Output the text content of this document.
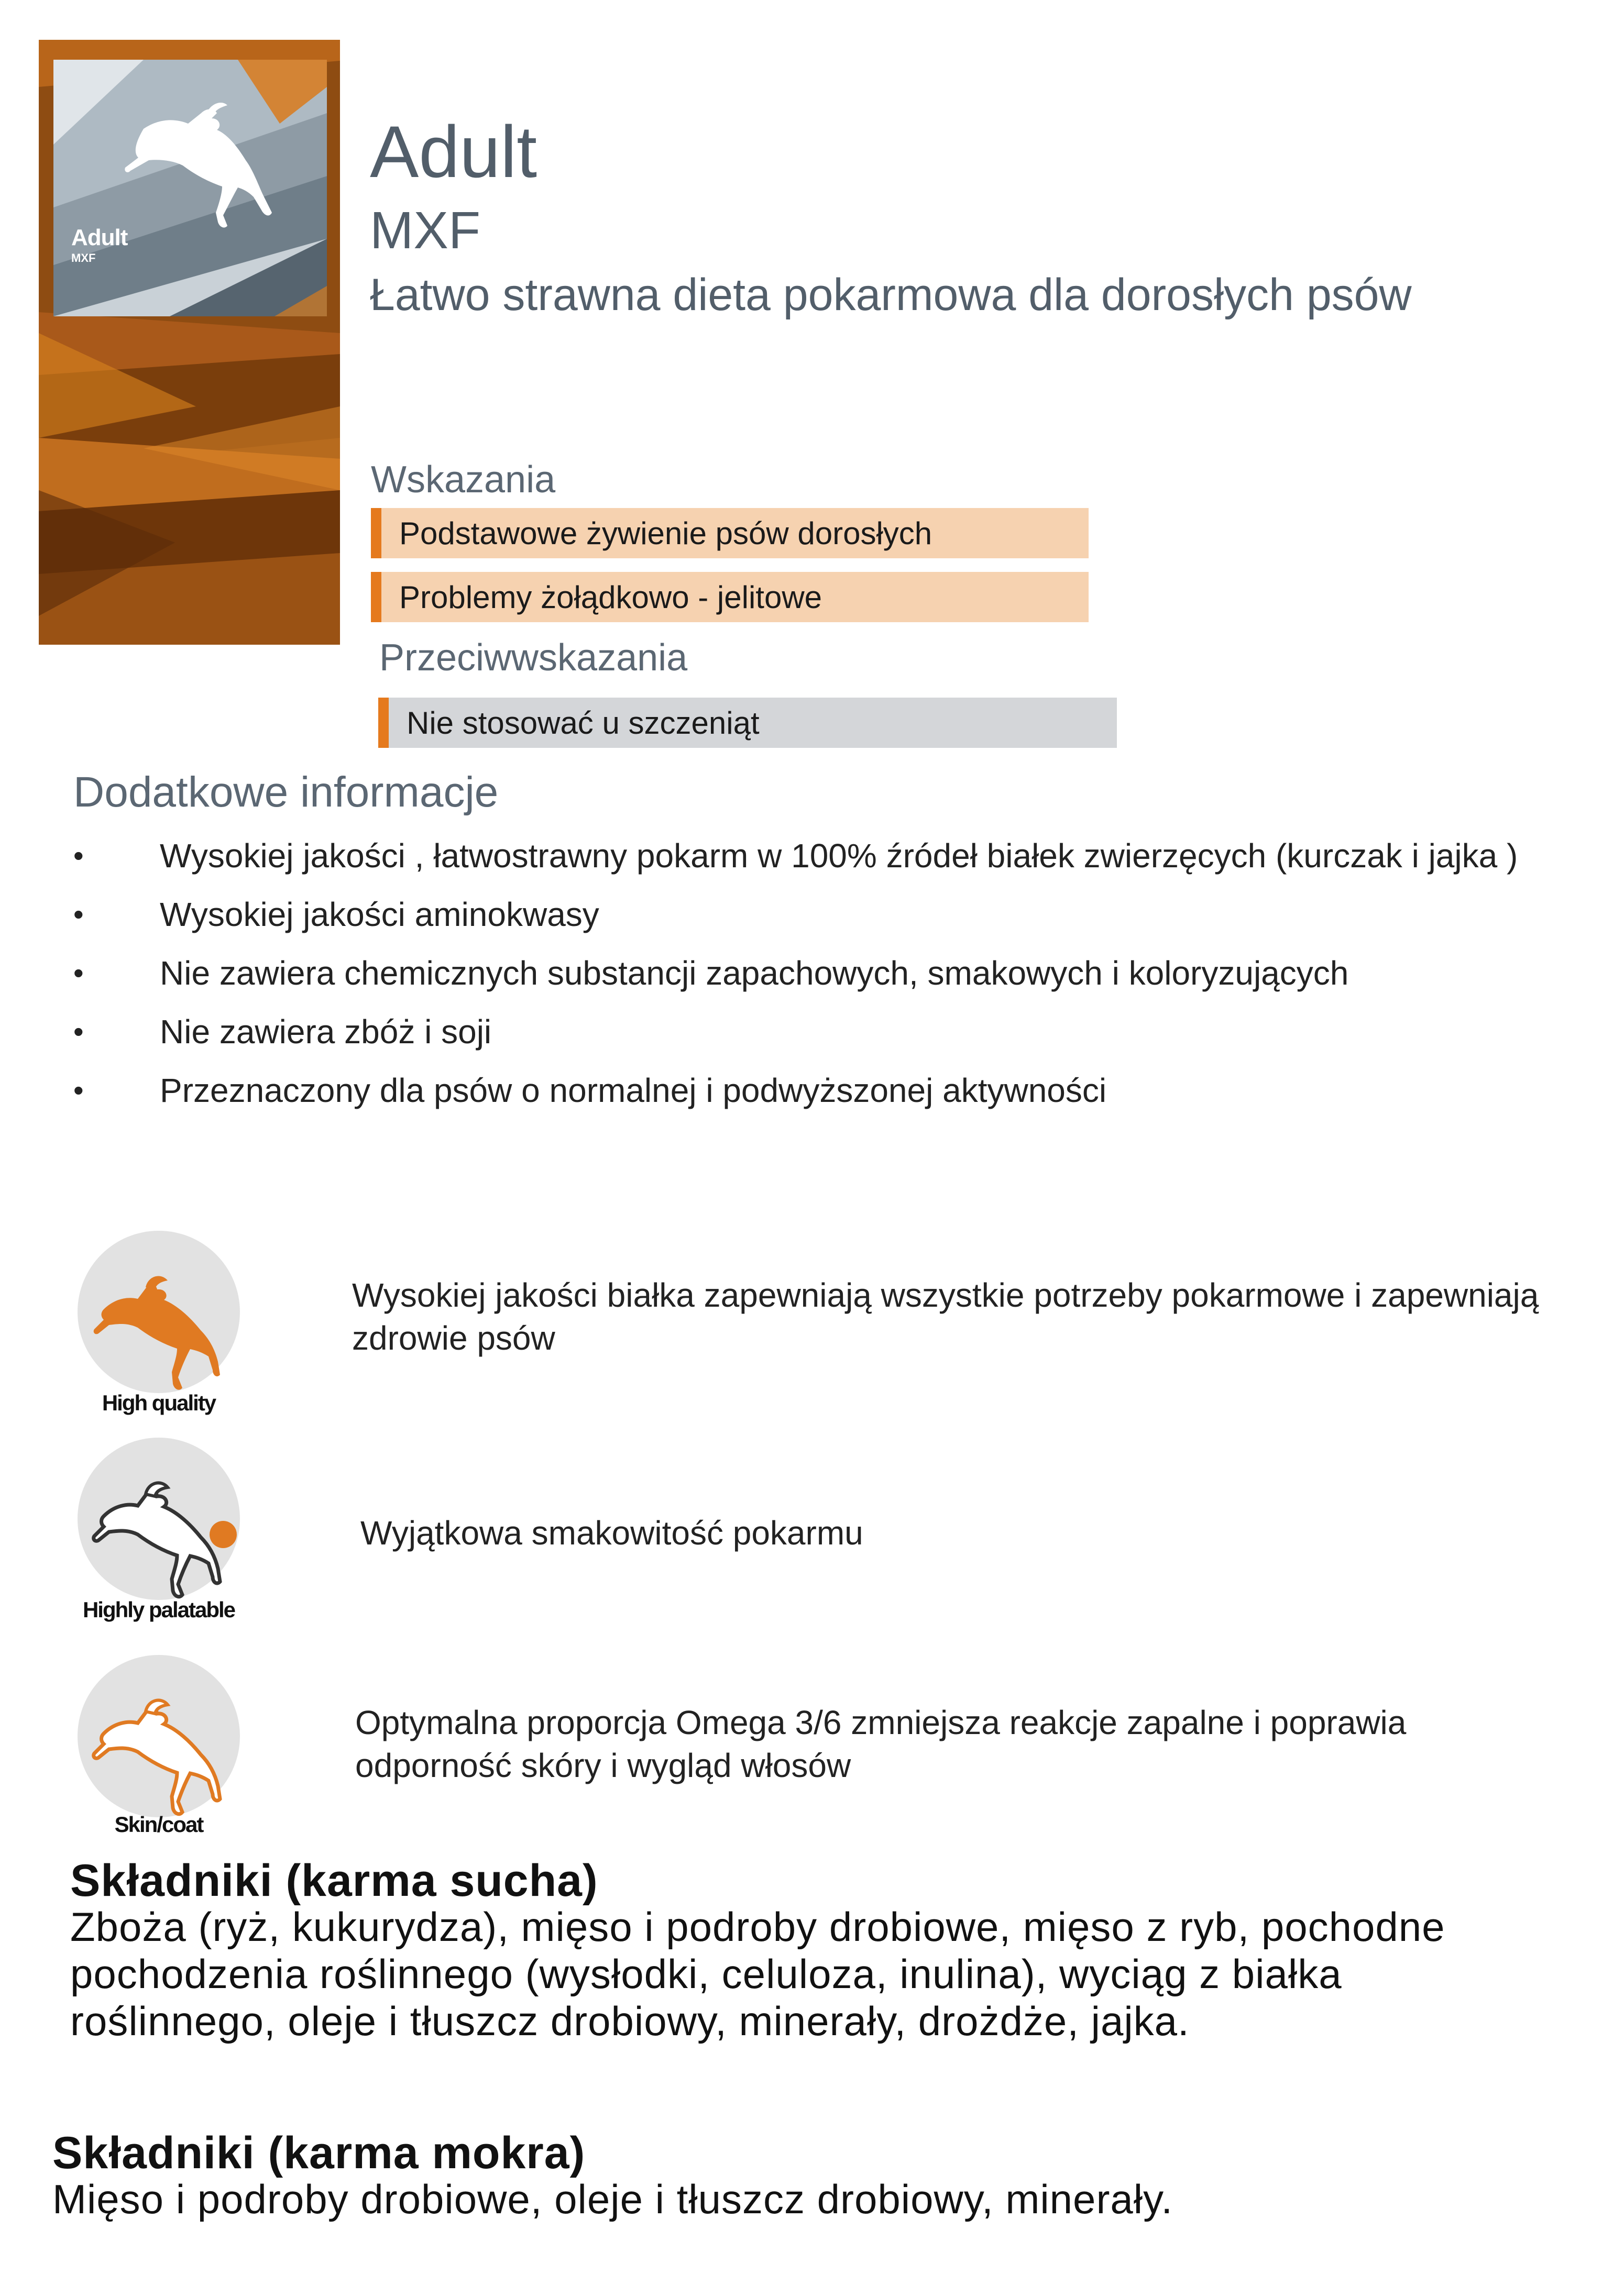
Adult
MXF
Adult
MXF
Łatwo strawna dieta pokarmowa dla dorosłych psów
Wskazania
Podstawowe żywienie psów dorosłych
Problemy żołądkowo - jelitowe
Przeciwwskazania
Nie stosować u szczeniąt
Dodatkowe informacje
• Wysokiej jakości , łatwostrawny pokarm w 100% źródeł białek zwierzęcych (kurczak i jajka )
• Wysokiej jakości aminokwasy
• Nie zawiera chemicznych substancji zapachowych, smakowych i koloryzujących
• Nie zawiera zbóż i soji
• Przeznaczony dla psów o normalnej i podwyższonej aktywności
High quality
Wysokiej jakości białka zapewniają wszystkie potrzeby pokarmowe i zapewniają zdrowie psów
Highly palatable
Wyjątkowa smakowitość pokarmu
Skin/coat
Optymalna proporcja Omega 3/6 zmniejsza reakcje zapalne i poprawia odporność skóry i wygląd włosów
Składniki (karma sucha)
Zboża (ryż, kukurydza), mięso i podroby drobiowe, mięso z ryb, pochodne pochodzenia roślinnego (wysłodki, celuloza, inulina), wyciąg z białka roślinnego, oleje i tłuszcz drobiowy, minerały, drożdże, jajka.
Składniki (karma mokra)
Mięso i podroby drobiowe, oleje i tłuszcz drobiowy, minerały.
